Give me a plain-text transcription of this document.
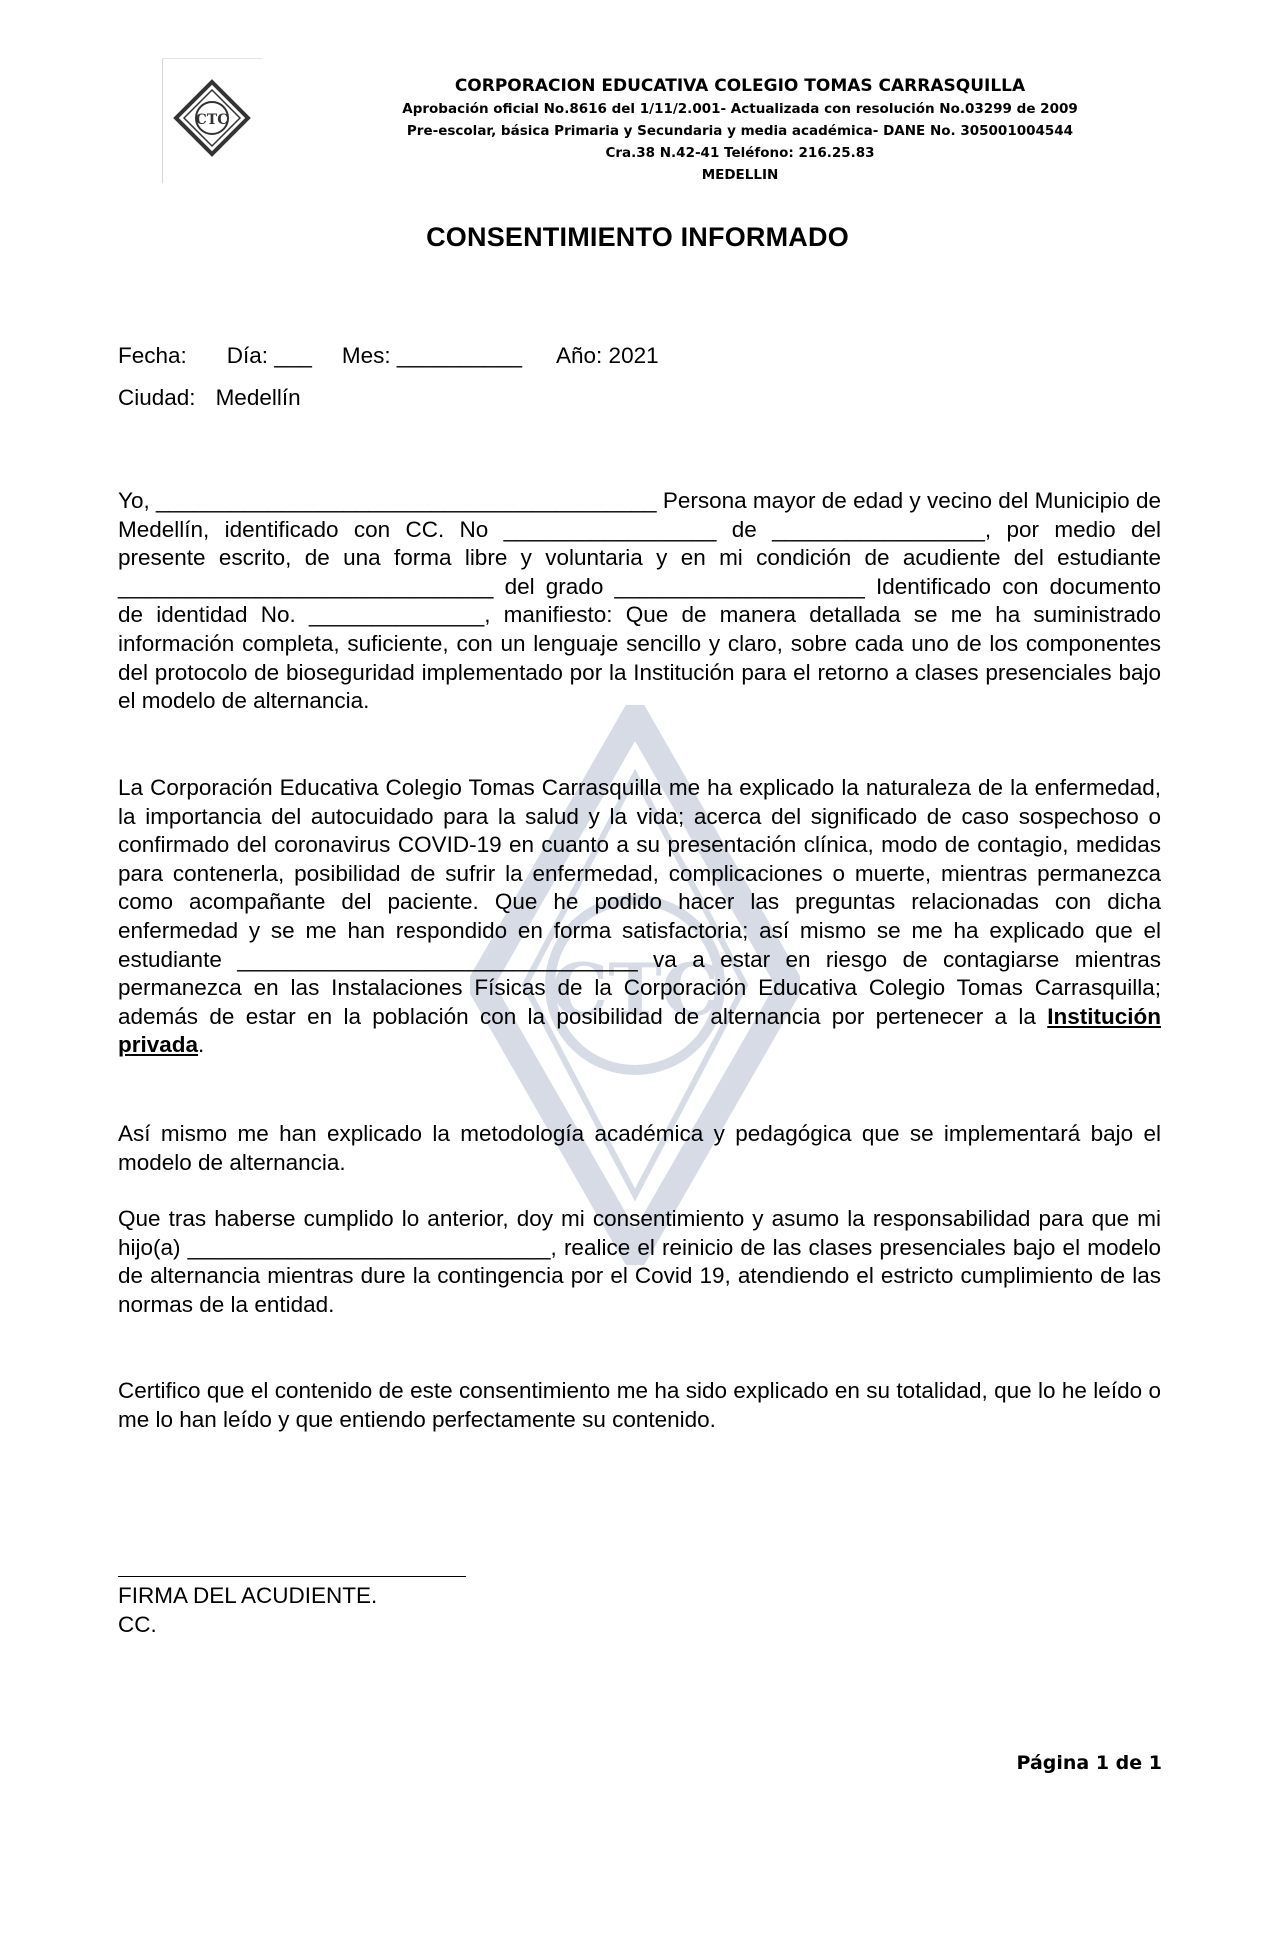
CTC
CORPORACION EDUCATIVA COLEGIO TOMAS CARRASQUILLA
Aprobación oficial No.8616 del 1/11/2.001- Actualizada con resolución No.03299 de 2009
Pre-escolar, básica Primaria y Secundaria y media académica- DANE No. 305001004544
Cra.38 N.42-41 Teléfono: 216.25.83
MEDELLIN
CONSENTIMIENTO INFORMADO
CTC
Fecha: Día: ___ Mes: __________ Año: 2021
Ciudad: Medellín
Yo, ________________________________________ Persona mayor de edad y vecino del Municipio de Medellín, identificado con CC. No _________________ de _________________, por medio del presente escrito, de una forma libre y voluntaria y en mi condición de acudiente del estudiante ______________________________ del grado ____________________ Identificado con documento de identidad No. ______________, manifiesto: Que de manera detallada se me ha suministrado información completa, suficiente, con un lenguaje sencillo y claro, sobre cada uno de los componentes del protocolo de bioseguridad implementado por la Institución para el retorno a clases presenciales bajo el modelo de alternancia.
La Corporación Educativa Colegio Tomas Carrasquilla me ha explicado la naturaleza de la enfermedad, la importancia del autocuidado para la salud y la vida; acerca del significado de caso sospechoso o confirmado del coronavirus COVID-19 en cuanto a su presentación clínica, modo de contagio, medidas para contenerla, posibilidad de sufrir la enfermedad, complicaciones o muerte, mientras permanezca como acompañante del paciente. Que he podido hacer las preguntas relacionadas con dicha enfermedad y se me han respondido en forma satisfactoria; así mismo se me ha explicado que el estudiante ________________________________ va a estar en riesgo de contagiarse mientras permanezca en las Instalaciones Físicas de la Corporación Educativa Colegio Tomas Carrasquilla; además de estar en la población con la posibilidad de alternancia por pertenecer a la Institución privada.
Así mismo me han explicado la metodología académica y pedagógica que se implementará bajo el modelo de alternancia.
Que tras haberse cumplido lo anterior, doy mi consentimiento y asumo la responsabilidad para que mi hijo(a) _____________________________, realice el reinicio de las clases presenciales bajo el modelo de alternancia mientras dure la contingencia por el Covid 19, atendiendo el estricto cumplimiento de las normas de la entidad.
Certifico que el contenido de este consentimiento me ha sido explicado en su totalidad, que lo he leído o me lo han leído y que entiendo perfectamente su contenido.
FIRMA DEL ACUDIENTE.
CC.
Página 1 de 1
